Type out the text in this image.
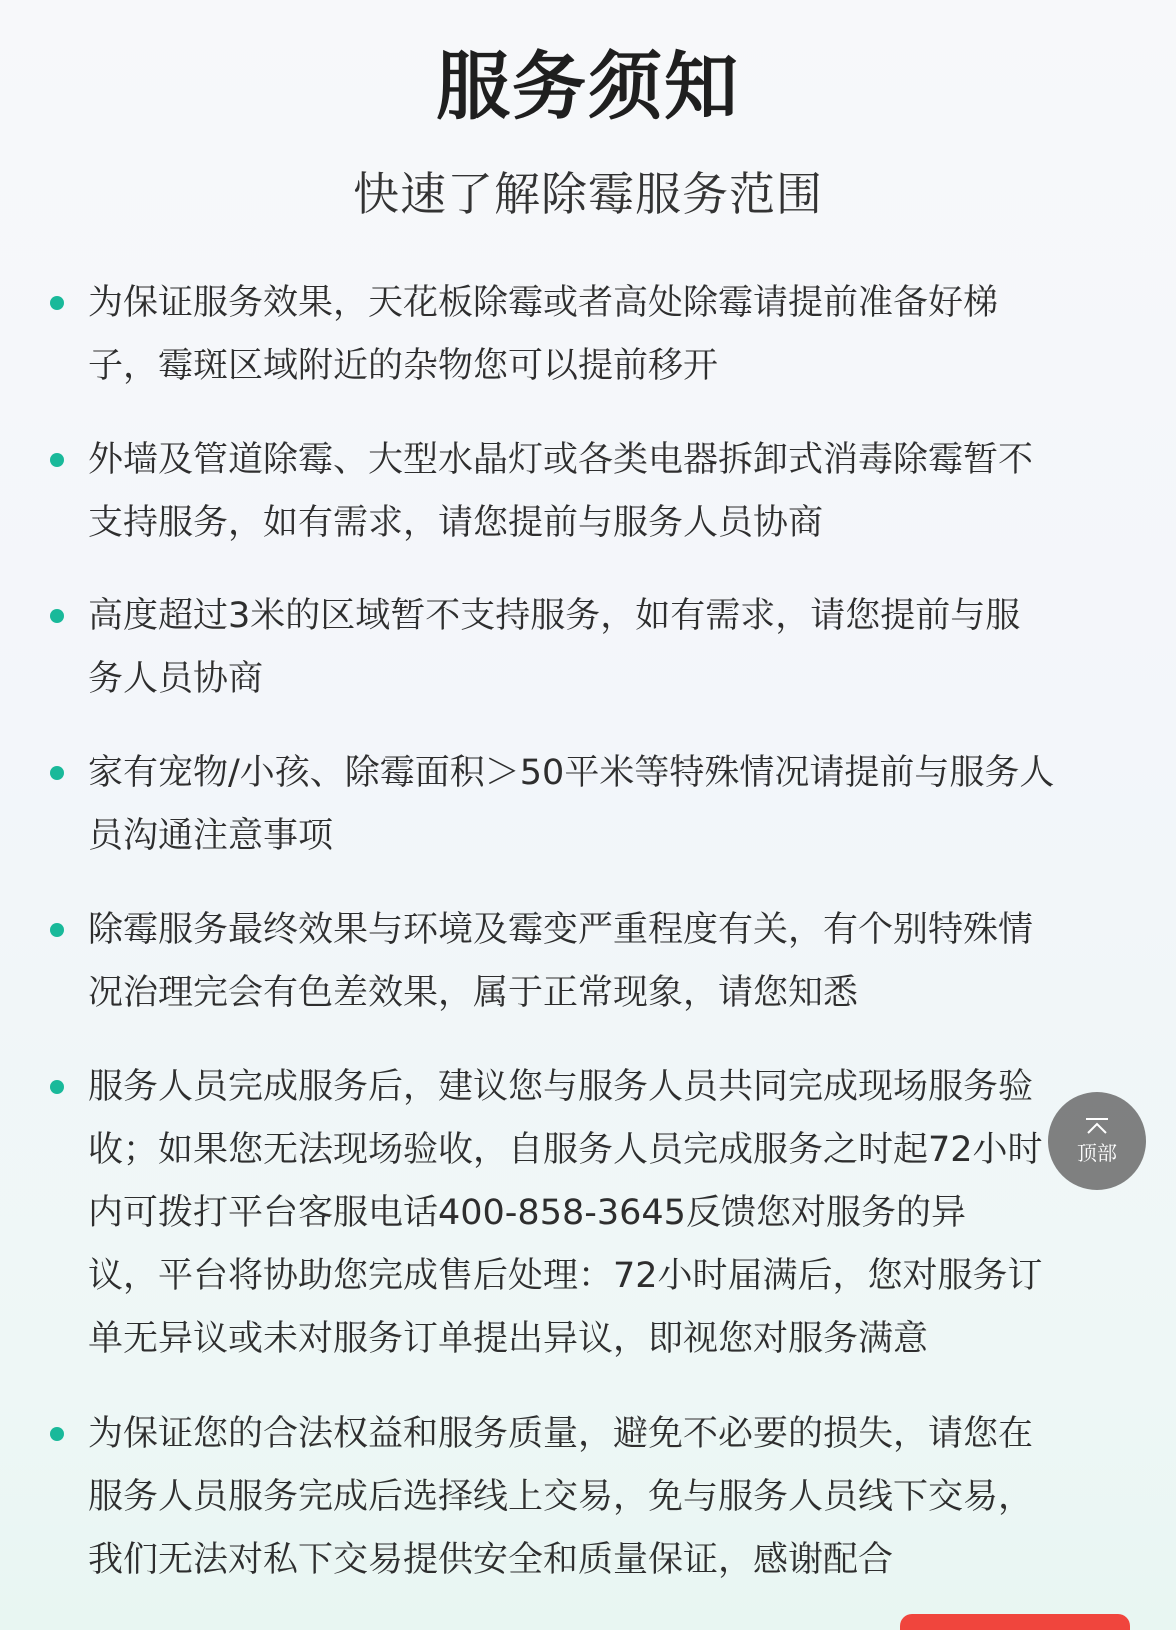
服务须知
快速了解除霉服务范围
为保证服务效果，天花板除霉或者高处除霉请提前准备好梯
子，霉斑区域附近的杂物您可以提前移开
外墙及管道除霉、大型水晶灯或各类电器拆卸式消毒除霉暂不
支持服务，如有需求，请您提前与服务人员协商
高度超过3米的区域暂不支持服务，如有需求，请您提前与服
务人员协商
家有宠物/小孩、除霉面积＞50平米等特殊情况请提前与服务人
员沟通注意事项
除霉服务最终效果与环境及霉变严重程度有关，有个别特殊情
况治理完会有色差效果，属于正常现象，请您知悉
服务人员完成服务后，建议您与服务人员共同完成现场服务验
收；如果您无法现场验收，自服务人员完成服务之时起72小时
内可拨打平台客服电话400-858-3645反馈您对服务的异
议，平台将协助您完成售后处理：72小时届满后，您对服务订
单无异议或未对服务订单提出异议，即视您对服务满意
为保证您的合法权益和服务质量，避免不必要的损失，请您在
服务人员服务完成后选择线上交易，免与服务人员线下交易，
我们无法对私下交易提供安全和质量保证，感谢配合
顶部
